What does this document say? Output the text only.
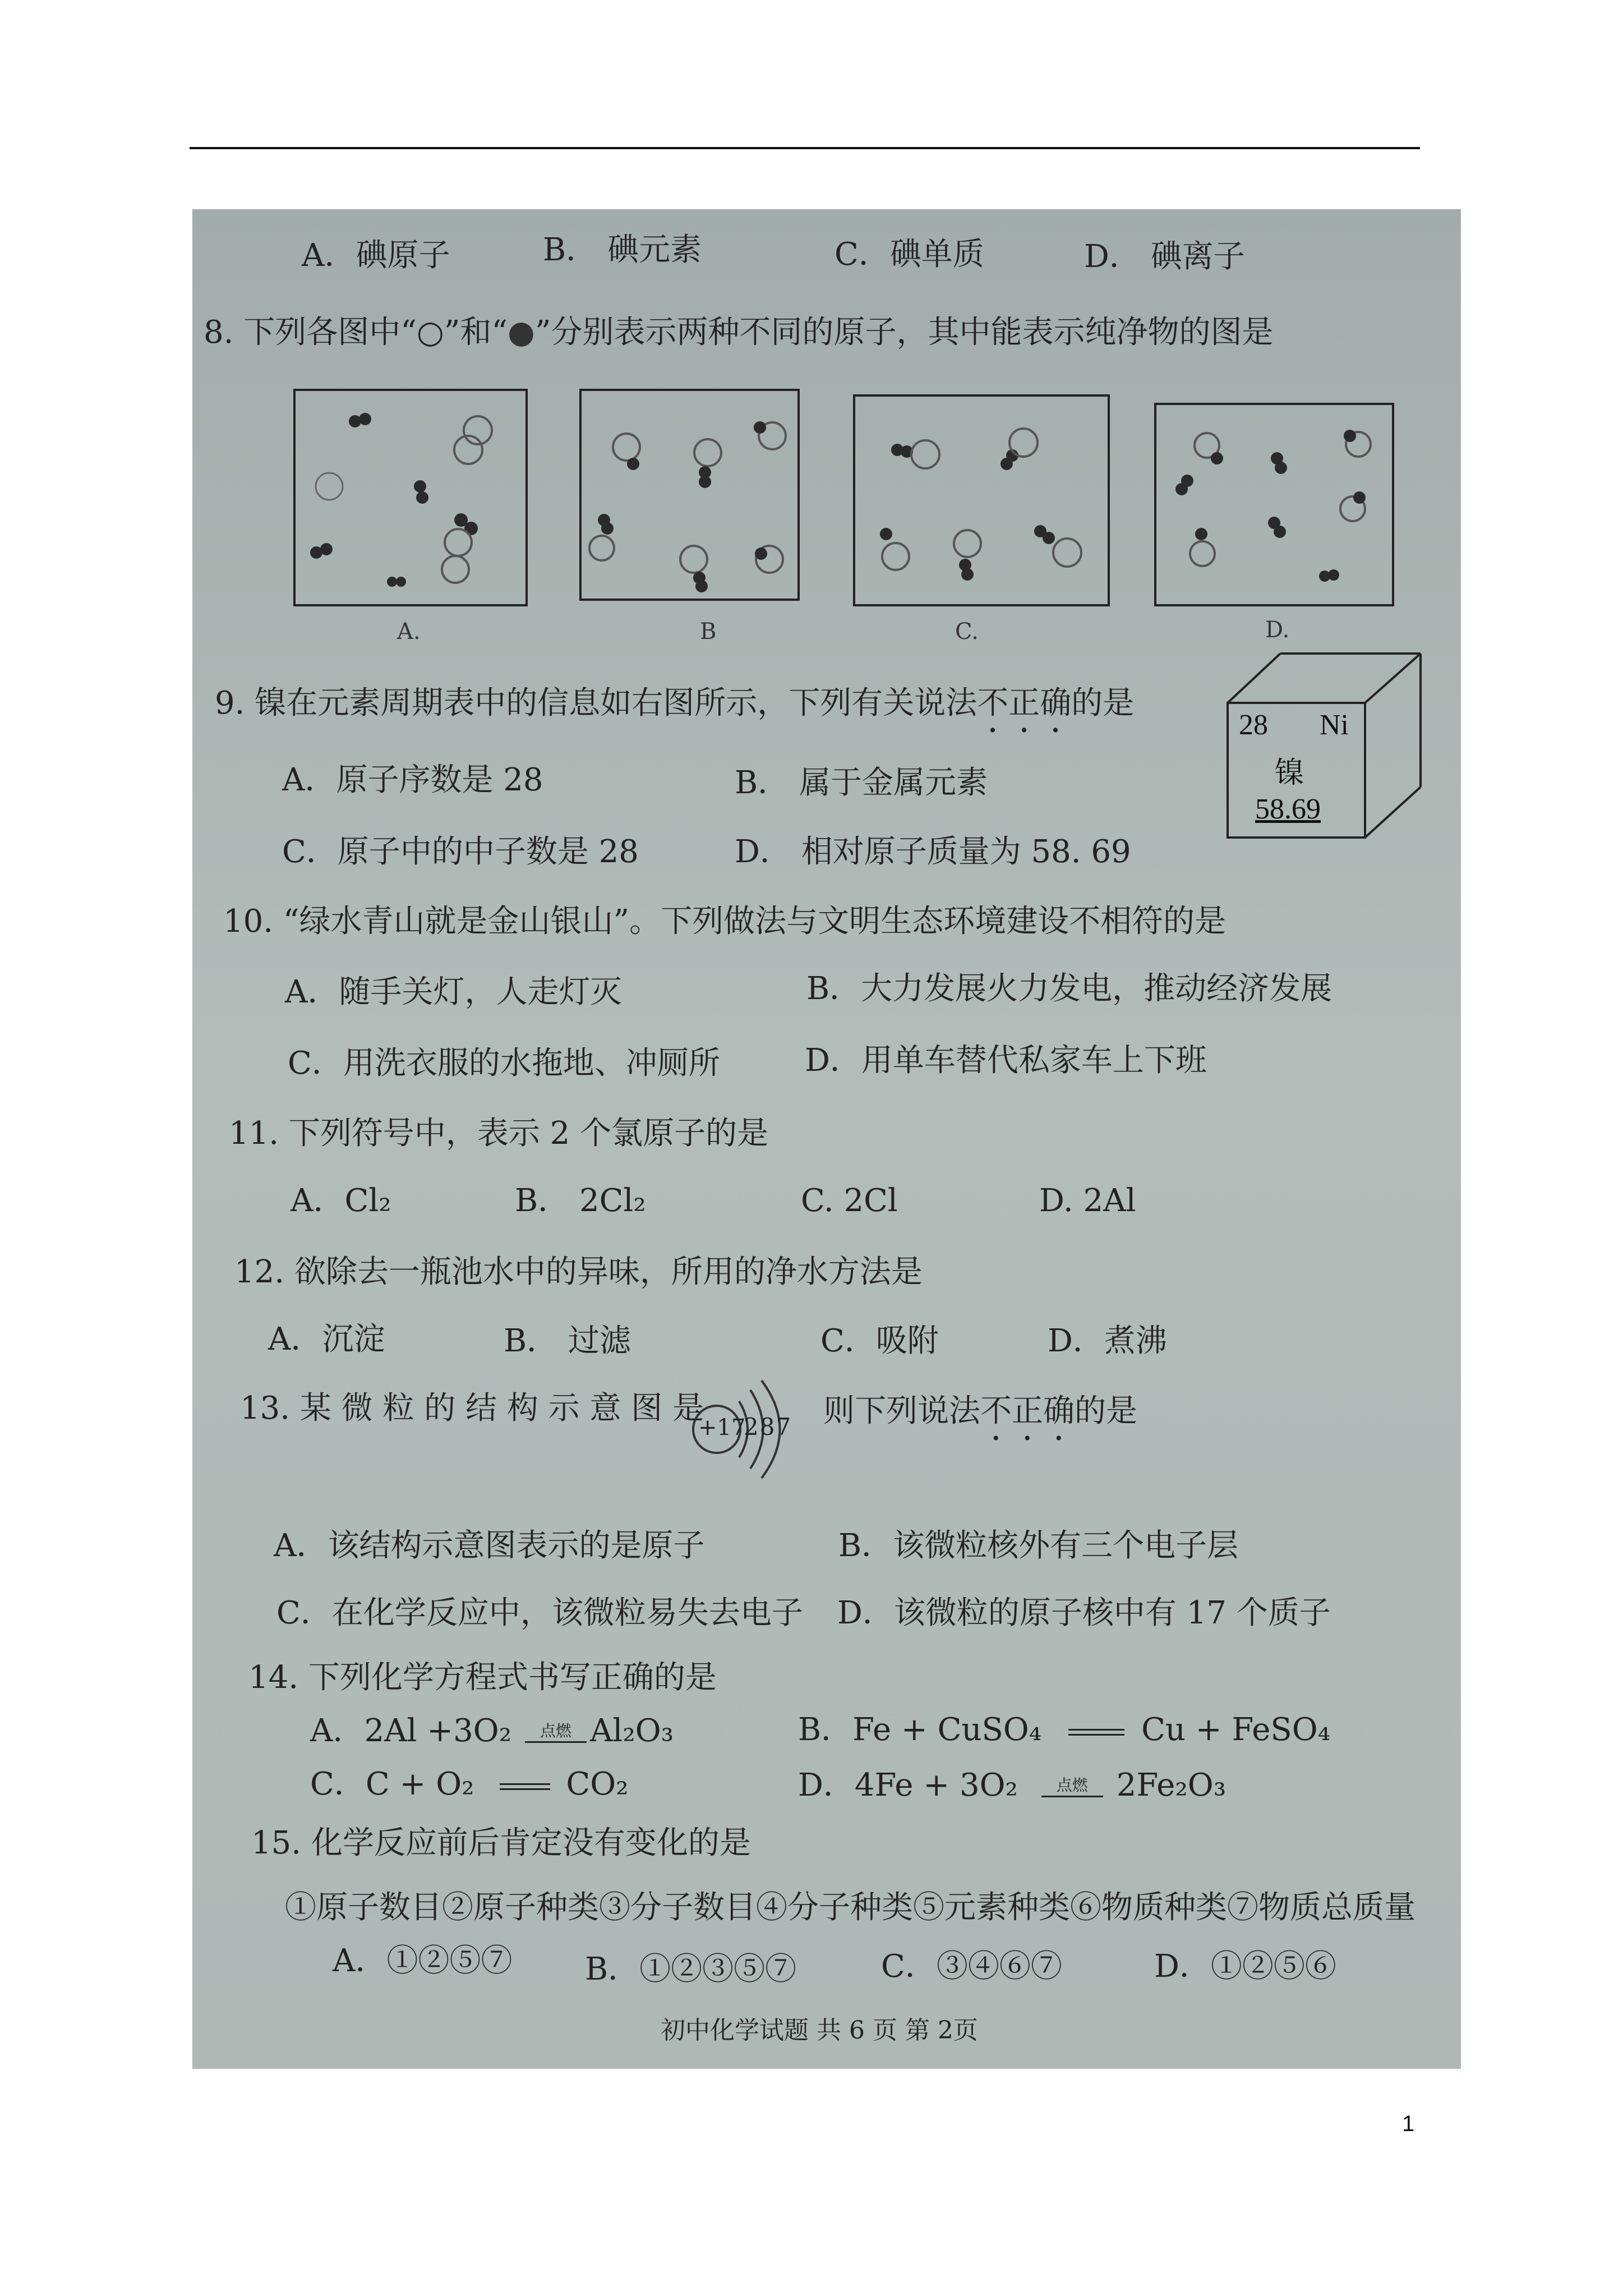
A．碘原子	B． 碘元素	C．碘单质	D． 碘离子
8. 下列各图中“○”和“●”分别表示两种不同的原子，其中能表示纯净物的图是
A.	B	C.	D.
9. 镍在元素周期表中的信息如右图所示，下列有关说法不正确的是
A．原子序数是 28	B． 属于金属元素
C．原子中的中子数是 28	D． 相对原子质量为 58. 69
28 Ni
镍
58.69
10. “绿水青山就是金山银山”。下列做法与文明生态环境建设不相符的是
A．随手关灯，人走灯灭	B．大力发展火力发电，推动经济发展
C．用洗衣服的水拖地、冲厕所	D．用单车替代私家车上下班
11. 下列符号中，表示 2 个氯原子的是
A．Cl₂	B． 2Cl₂	C. 2Cl	D. 2Al
12. 欲除去一瓶池水中的异味，所用的净水方法是
A．沉淀	B． 过滤	C．吸附	D．煮沸
13. 某 微 粒 的 结 构 示 意 图 是
+17
287 则下列说法不正确的是
A．该结构示意图表示的是原子	B．该微粒核外有三个电子层
C．在化学反应中，该微粒易失去电子 D．该微粒的原子核中有 17 个质子
14. 下列化学方程式书写正确的是
A．2Al +3O₂	点燃 Al₂O₃	B．Fe + CuSO₄	Cu + FeSO₄
C．C + O₂	CO₂	D．4Fe + 3O₂	点燃 2Fe₂O₃
15. 化学反应前后肯定没有变化的是
①原子数目②原子种类③分子数目④分子种类⑤元素种类⑥物质种类⑦物质总质量
A．①②⑤⑦ B．①②③⑤⑦	C．③④⑥⑦	D．①②⑤⑥
初中化学试题 共 6 页 第 2页
1
